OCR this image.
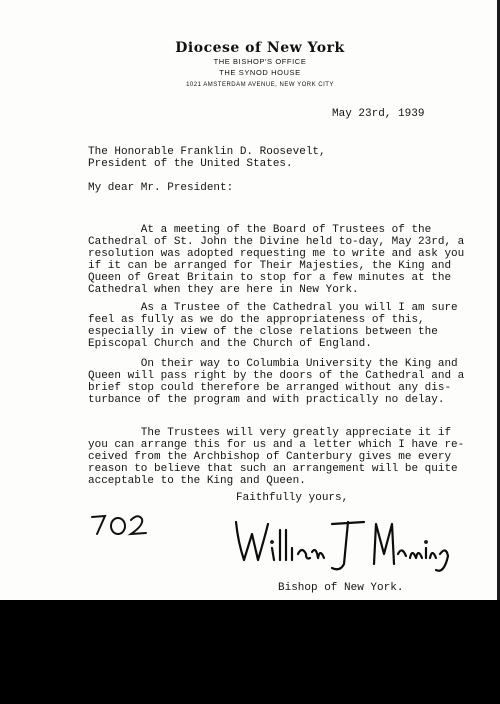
Diocese of New York
THE BISHOP'S OFFICE
THE SYNOD HOUSE
1021 AMSTERDAM AVENUE, NEW YORK CITY
May 23rd, 1939
The Honorable Franklin D. Roosevelt,
President of the United States.
My dear Mr. President:
At a meeting of the Board of Trustees of the
Cathedral of St. John the Divine held to-day, May 23rd, a
resolution was adopted requesting me to write and ask you
if it can be arranged for Their Majesties, the King and
Queen of Great Britain to stop for a few minutes at the
Cathedral when they are here in New York.
As a Trustee of the Cathedral you will I am sure
feel as fully as we do the appropriateness of this,
especially in view of the close relations between the
Episcopal Church and the Church of England.
On their way to Columbia University the King and
Queen will pass right by the doors of the Cathedral and a
brief stop could therefore be arranged without any dis-
turbance of the program and with practically no delay.
The Trustees will very greatly appreciate it if
you can arrange this for us and a letter which I have re-
ceived from the Archbishop of Canterbury gives me every
reason to believe that such an arrangement will be quite
acceptable to the King and Queen.
Faithfully yours,
Bishop of New York.
